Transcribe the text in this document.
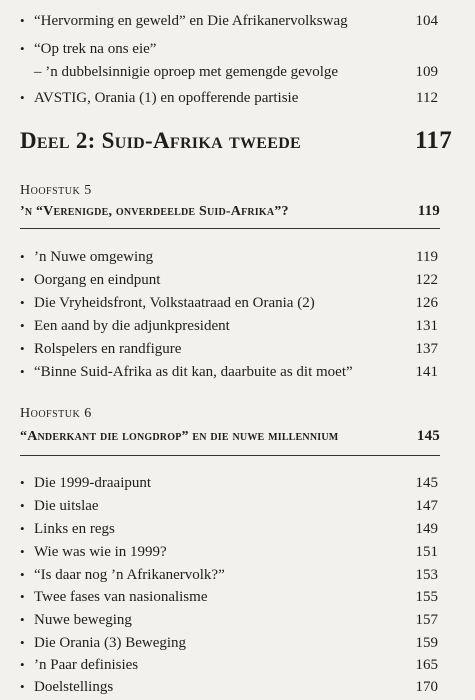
• “Hervorming en geweld” en Die Afrikanervolkswag	104
• “Op trek na ons eie”
– ’n dubbelsinnigie oproep met gemengde gevolge	109
• AVSTIG, Orania (1) en opofferende partisie	112
Deel 2: Suid-Afrika tweede	117
Hoofstuk 5
’n “Verenigde, onverdeelde Suid-Afrika”?	119
• ’n Nuwe omgewing	119
• Oorgang en eindpunt	122
• Die Vryheidsfront, Volkstaatraad en Orania (2)	126
• Een aand by die adjunkpresident	131
• Rolspelers en randfigure	137
• “Binne Suid-Afrika as dit kan, daarbuite as dit moet”	141
Hoofstuk 6
“Anderkant die longdrop” en die nuwe millennium	145
• Die 1999-draaipunt	145
• Die uitslae	147
• Links en regs	149
• Wie was wie in 1999?	151
• “Is daar nog ’n Afrikanervolk?”	153
• Twee fases van nasionalisme	155
• Nuwe beweging	157
• Die Orania (3) Beweging	159
• ’n Paar definisies	165
• Doelstellings	170
